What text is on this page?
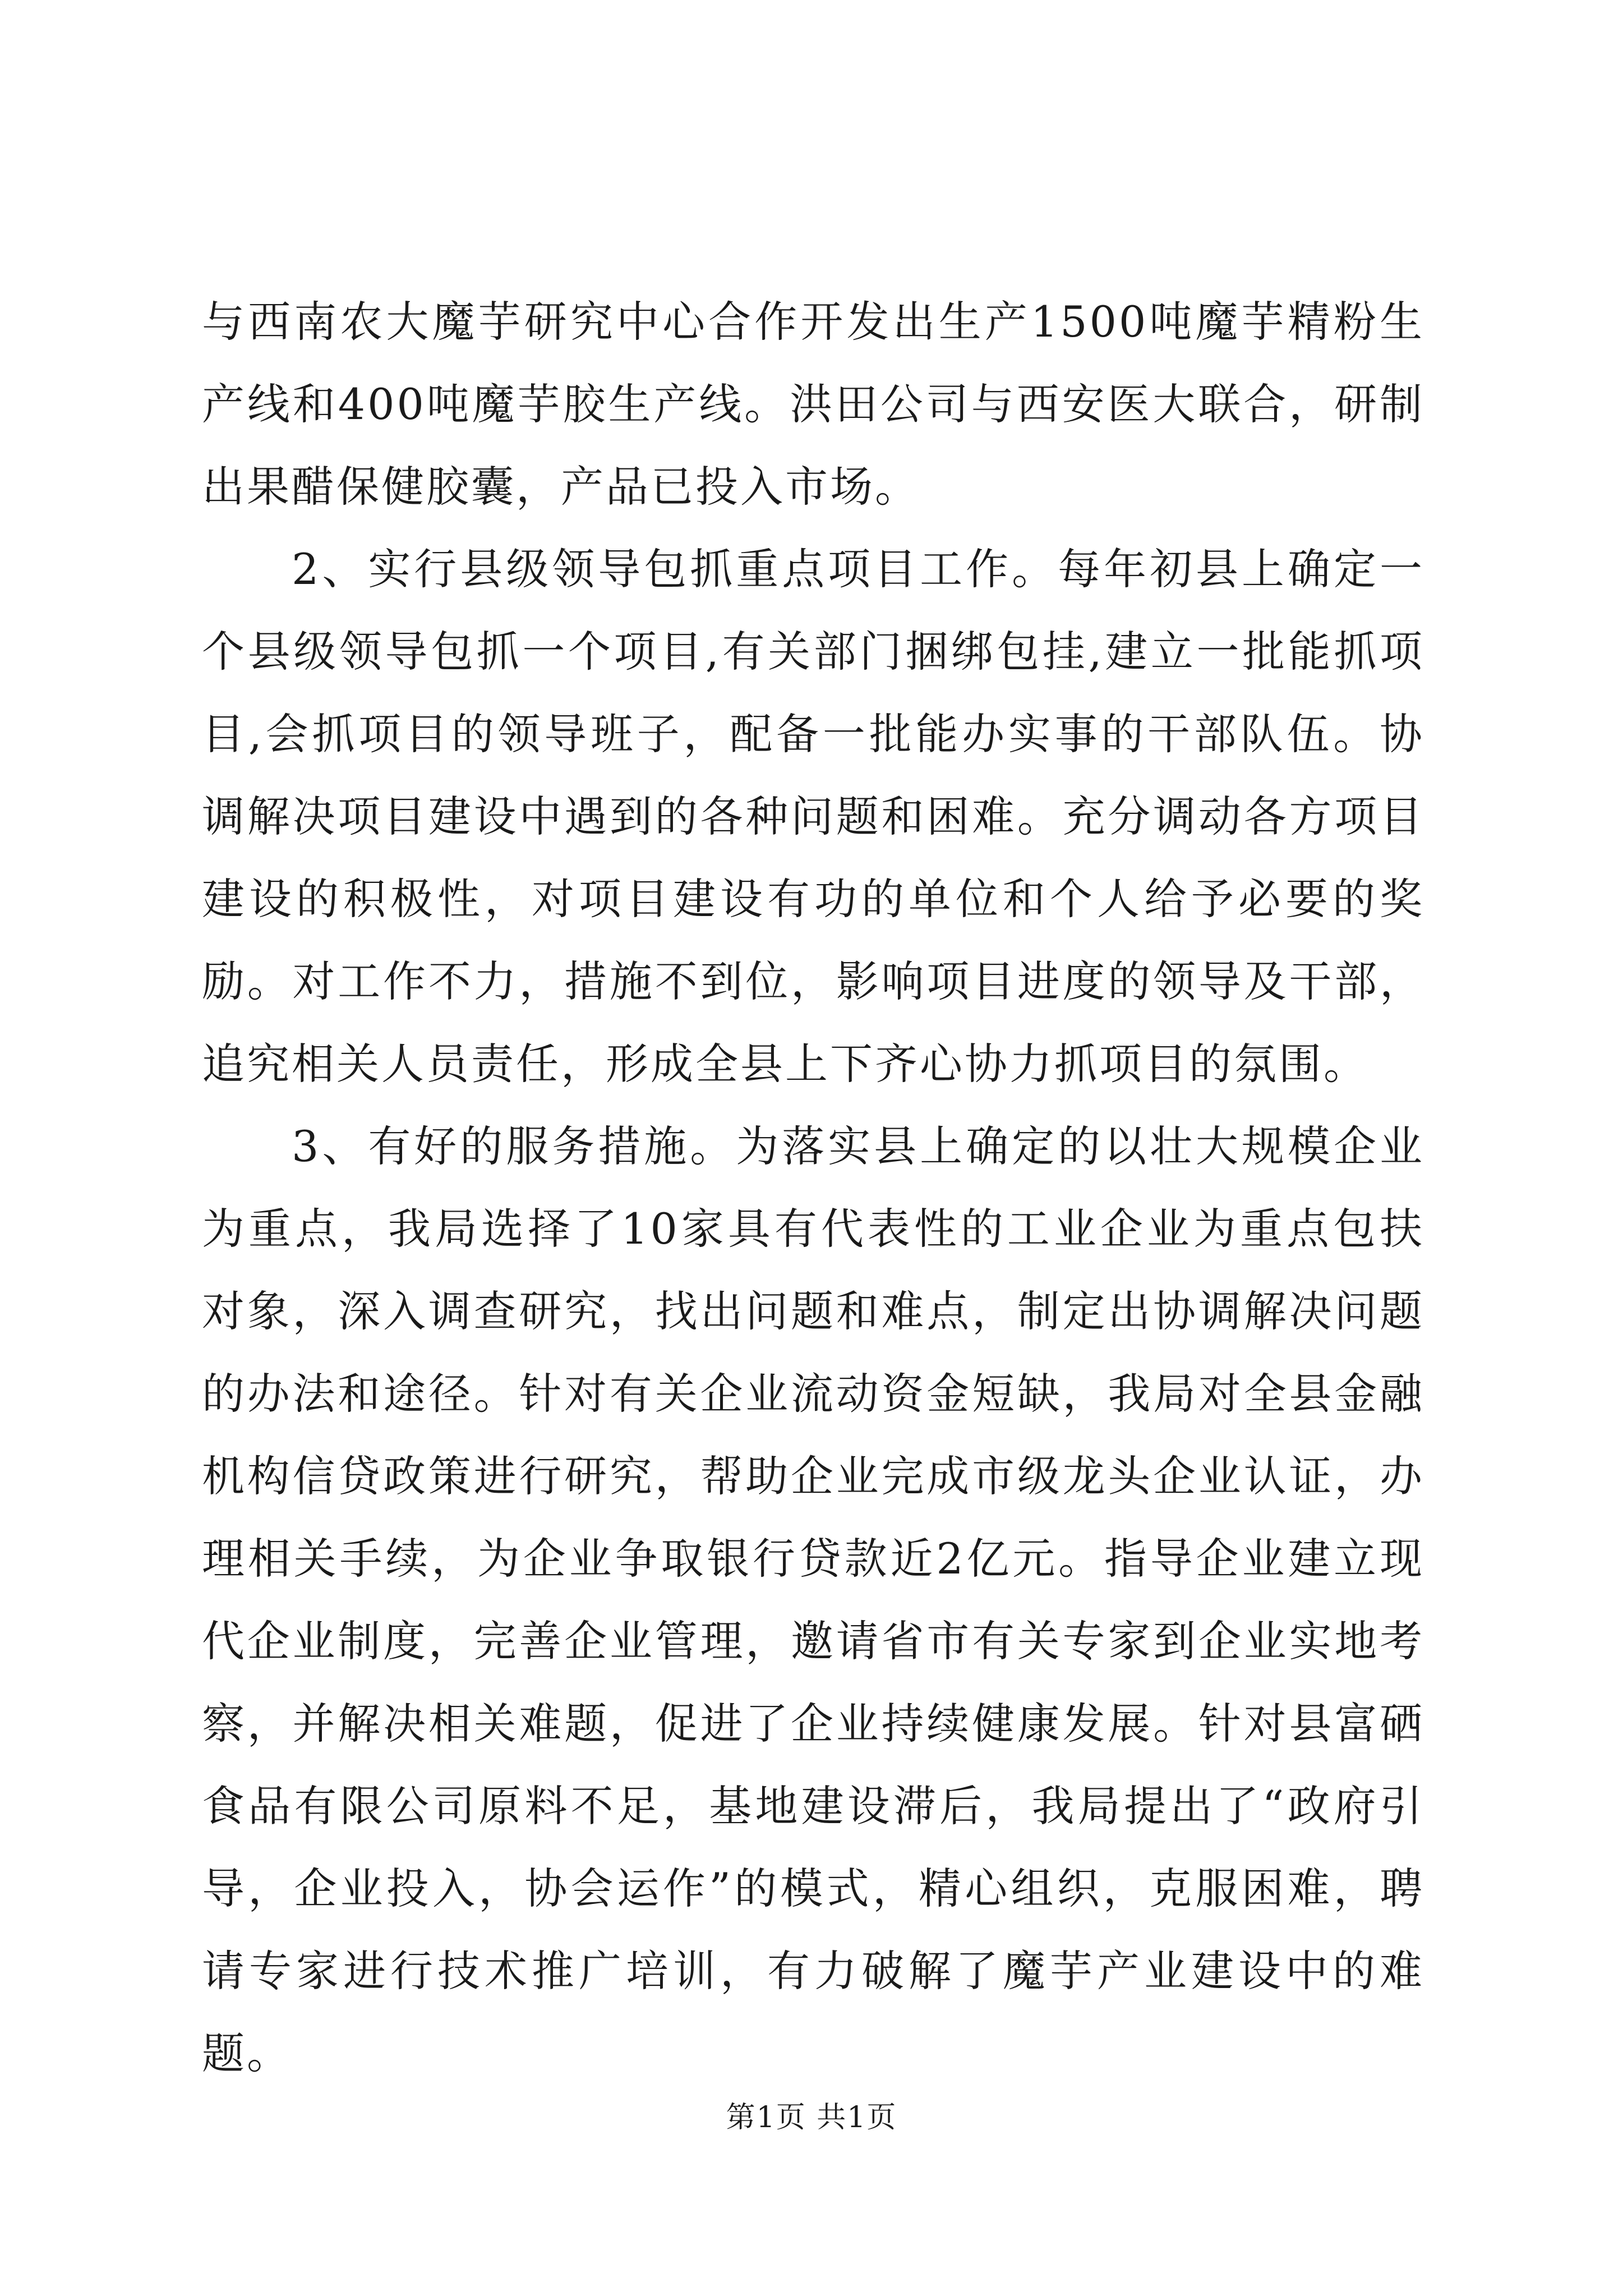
与西南农大魔芋研究中心合作开发出生产1500吨魔芋精粉生产线和400吨魔芋胶生产线。洪田公司与西安医大联合，研制出果醋保健胶囊，产品已投入市场。

2、实行县级领导包抓重点项目工作。每年初县上确定一个县级领导包抓一个项目,有关部门捆绑包挂,建立一批能抓项目,会抓项目的领导班子，配备一批能办实事的干部队伍。协调解决项目建设中遇到的各种问题和困难。充分调动各方项目建设的积极性，对项目建设有功的单位和个人给予必要的奖励。对工作不力，措施不到位，影响项目进度的领导及干部，追究相关人员责任，形成全县上下齐心协力抓项目的氛围。

3、有好的服务措施。为落实县上确定的以壮大规模企业为重点，我局选择了10家具有代表性的工业企业为重点包扶对象，深入调查研究，找出问题和难点，制定出协调解决问题的办法和途径。针对有关企业流动资金短缺，我局对全县金融机构信贷政策进行研究，帮助企业完成市级龙头企业认证，办理相关手续，为企业争取银行贷款近2亿元。指导企业建立现代企业制度，完善企业管理，邀请省市有关专家到企业实地考察，并解决相关难题，促进了企业持续健康发展。针对县富硒食品有限公司原料不足，基地建设滞后，我局提出了“政府引导，企业投入，协会运作”的模式，精心组织，克服困难，聘请专家进行技术推广培训，有力破解了魔芋产业建设中的难题。

第1页 共1页
